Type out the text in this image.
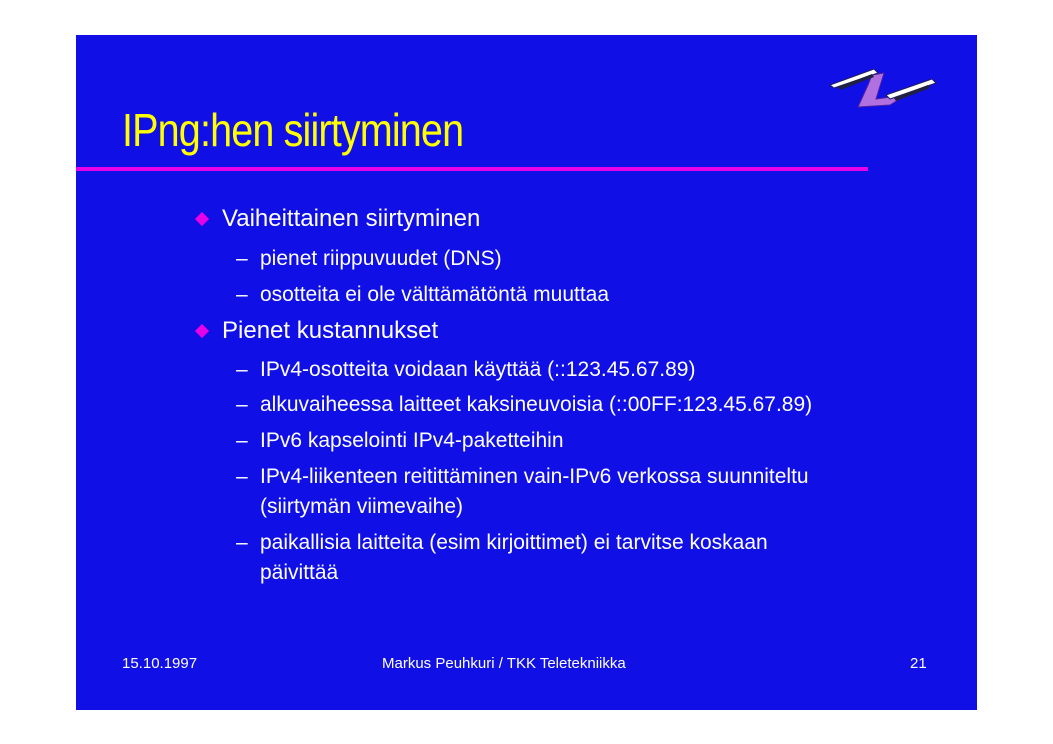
IPng:hen siirtyminen
Vaiheittainen siirtyminen
– pienet riippuvuudet (DNS)
– osotteita ei ole välttämätöntä muuttaa
Pienet kustannukset
– IPv4-osotteita voidaan käyttää (::123.45.67.89)
– alkuvaiheessa laitteet kaksineuvoisia (::00FF:123.45.67.89)
– IPv6 kapselointi IPv4-paketteihin
– IPv4-liikenteen reitittäminen vain-IPv6 verkossa suunniteltu
(siirtymän viimevaihe)
– paikallisia laitteita (esim kirjoittimet) ei tarvitse koskaan
päivittää
15.10.1997	Markus Peuhkuri / TKK Teletekniikka	21
